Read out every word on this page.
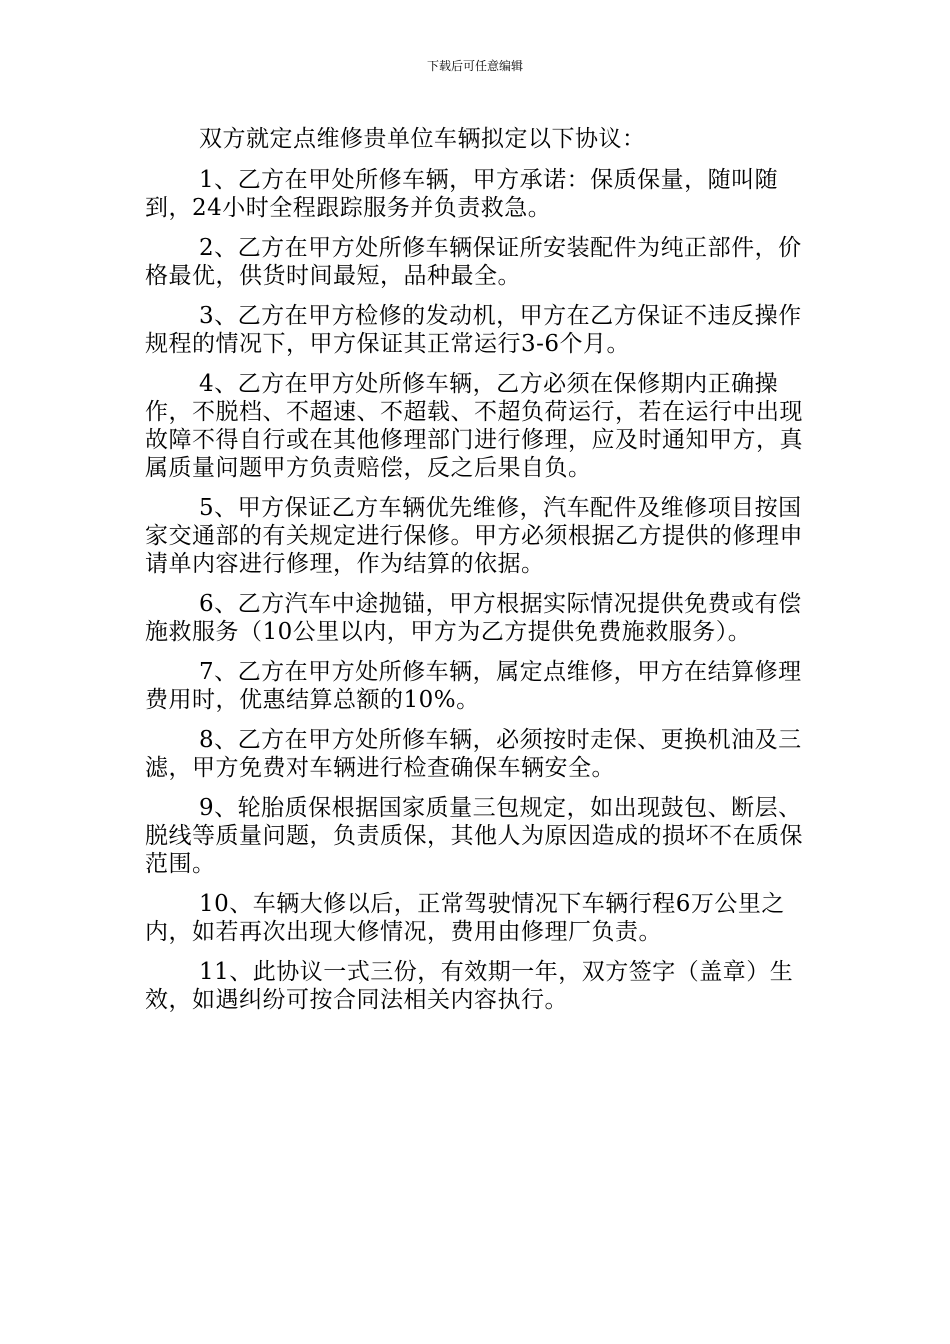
下载后可任意编辑

双方就定点维修贵单位车辆拟定以下协议：

1、乙方在甲处所修车辆，甲方承诺：保质保量，随叫随到，24小时全程跟踪服务并负责救急。

2、乙方在甲方处所修车辆保证所安装配件为纯正部件，价格最优，供货时间最短，品种最全。

3、乙方在甲方检修的发动机，甲方在乙方保证不违反操作规程的情况下，甲方保证其正常运行3-6个月。

4、乙方在甲方处所修车辆，乙方必须在保修期内正确操作，不脱档、不超速、不超载、不超负荷运行，若在运行中出现故障不得自行或在其他修理部门进行修理，应及时通知甲方，真属质量问题甲方负责赔偿，反之后果自负。

5、甲方保证乙方车辆优先维修，汽车配件及维修项目按国家交通部的有关规定进行保修。甲方必须根据乙方提供的修理申请单内容进行修理，作为结算的依据。

6、乙方汽车中途抛锚，甲方根据实际情况提供免费或有偿施救服务（10公里以内，甲方为乙方提供免费施救服务）。

7、乙方在甲方处所修车辆，属定点维修，甲方在结算修理费用时，优惠结算总额的10%。

8、乙方在甲方处所修车辆，必须按时走保、更换机油及三滤，甲方免费对车辆进行检查确保车辆安全。

9、轮胎质保根据国家质量三包规定，如出现鼓包、断层、脱线等质量问题，负责质保，其他人为原因造成的损坏不在质保范围。

10、车辆大修以后，正常驾驶情况下车辆行程6万公里之内，如若再次出现大修情况，费用由修理厂负责。

11、此协议一式三份，有效期一年，双方签字（盖章）生效，如遇纠纷可按合同法相关内容执行。
